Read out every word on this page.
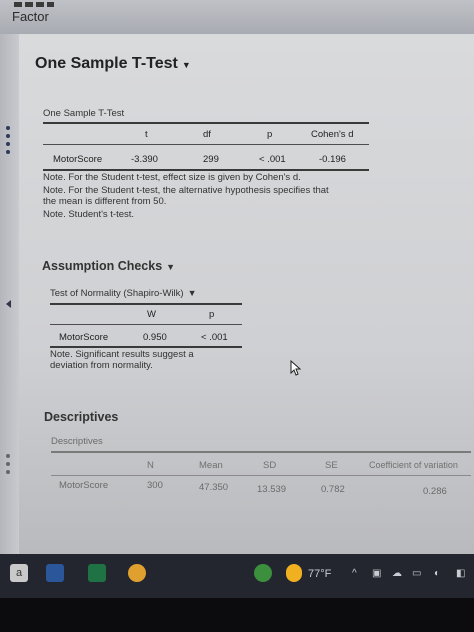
Factor
One Sample T-Test ▼
One Sample T-Test
t	df	p	Cohen's d
MotorScore	-3.390	299	< .001	-0.196
Note. For the Student t-test, effect size is given by Cohen's d.
Note. For the Student t-test, the alternative hypothesis specifies that
the mean is different from 50.
Note. Student's t-test.
Assumption Checks ▼
Test of Normality (Shapiro-Wilk) ▼
W	p
MotorScore	0.950	< .001
Note. Significant results suggest a
deviation from normality.
Descriptives
Descriptives
N	Mean	SD	SE	Coefficient of variation
MotorScore	300	47.350	13.539	0.782	0.286
a	77°F ^ ▣ ☁ ▭ ◐ ◧
